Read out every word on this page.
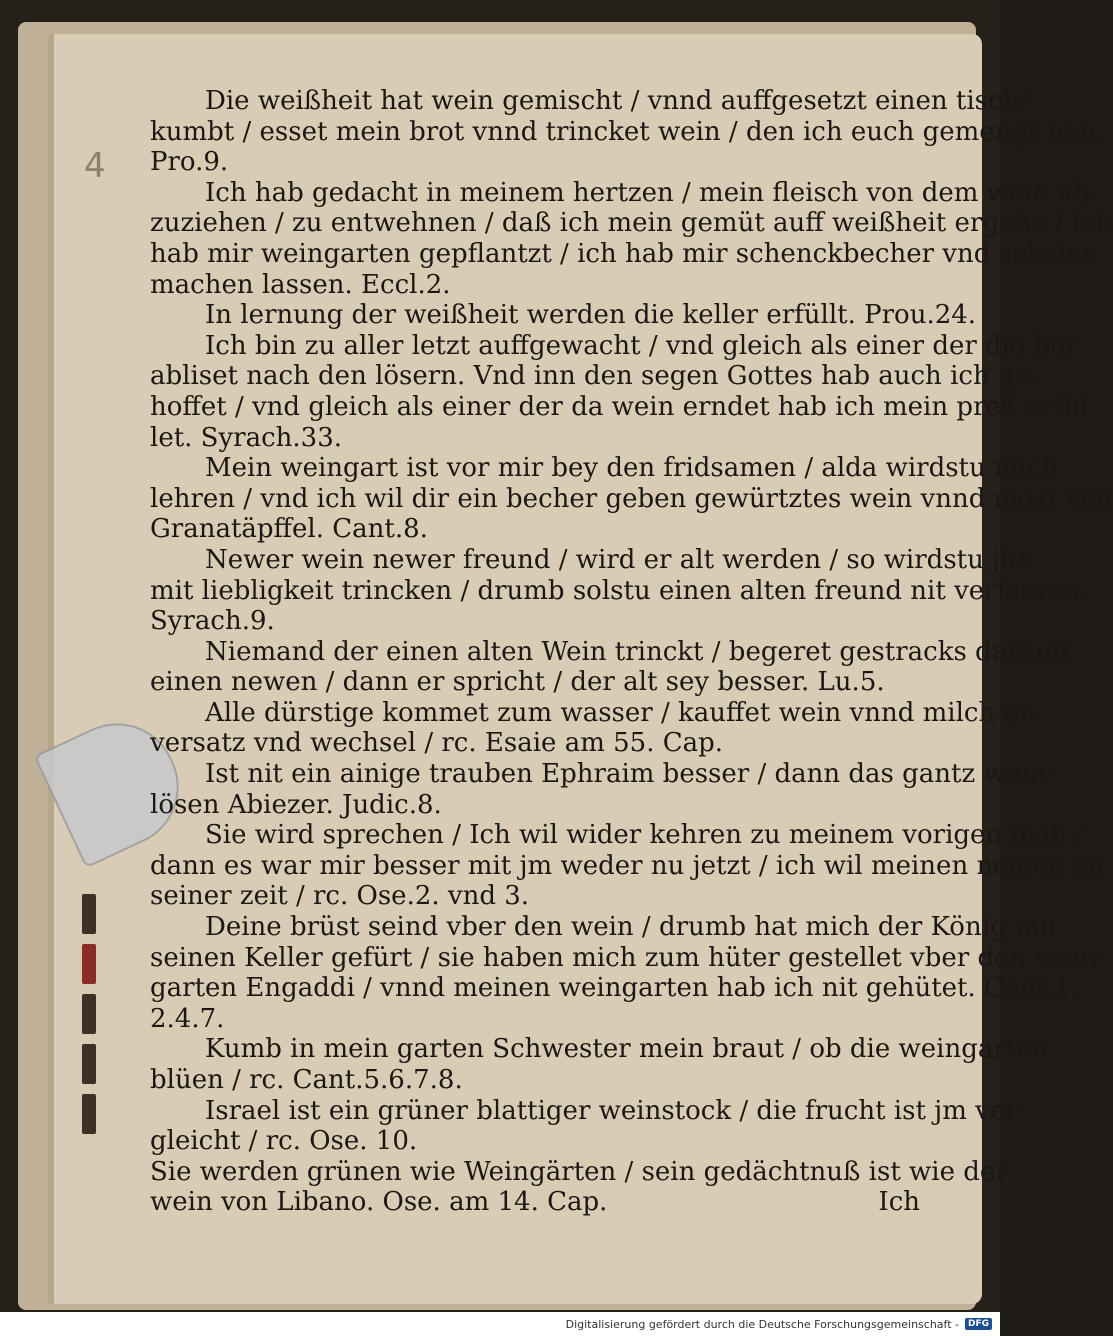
4
Die weißheit hat wein gemischt / vnnd auffgesetzt einen tisch/
kumbt / esset mein brot vnnd trincket wein / den ich euch gemengt hab.
Pro.9.
Ich hab gedacht in meinem hertzen / mein fleisch von dem wein ab-
zuziehen / zu entwehnen / daß ich mein gemüt auff weißheit ergebe / Ich
hab mir weingarten gepflantzt / ich hab mir schenckbecher vnd schalen
machen lassen. Eccl.2.
In lernung der weißheit werden die keller erfüllt. Prou.24.
Ich bin zu aller letzt auffgewacht / vnd gleich als einer der die bör
abliset nach den lösern. Vnd inn den segen Gottes hab auch ich ge-
hoffet / vnd gleich als einer der da wein erndet hab ich mein preß erfül-
let. Syrach.33.
Mein weingart ist vor mir bey den fridsamen / alda wirdstu mich
lehren / vnd ich wil dir ein becher geben gewürtztes wein vnnd most von
Granatäpffel. Cant.8.
Newer wein newer freund / wird er alt werden / so wirdstu jhn
mit liebligkeit trincken / drumb solstu einen alten freund nit verlassen.
Syrach.9.
Niemand der einen alten Wein trinckt / begeret gestracks darauff
einen newen / dann er spricht / der alt sey besser. Lu.5.
Alle dürstige kommet zum wasser / kauffet wein vnnd milch on
versatz vnd wechsel / rc. Esaie am 55. Cap.
Ist nit ein ainige trauben Ephraim besser / dann das gantz wein-
lösen Abiezer. Judic.8.
Sie wird sprechen / Ich wil wider kehren zu meinem vorigen mañ /
dann es war mir besser mit jm weder nu jetzt / ich wil meinen nemen zu
seiner zeit / rc. Ose.2. vnd 3.
Deine brüst seind vber den wein / drumb hat mich der König inn
seinen Keller gefürt / sie haben mich zum hüter gestellet vber den wein-
garten Engaddi / vnnd meinen weingarten hab ich nit gehütet. Cant.1.
2.4.7.
Kumb in mein garten Schwester mein braut / ob die weingarten
blüen / rc. Cant.5.6.7.8.
Israel ist ein grüner blattiger weinstock / die frucht ist jm ver-
gleicht / rc. Ose. 10.
Sie werden grünen wie Weingärten / sein gedächtnuß ist wie der
wein von Libano. Ose. am 14. Cap.	Ich
Digitalisierung gefördert durch die Deutsche Forschungsgemeinschaft -	DFG
